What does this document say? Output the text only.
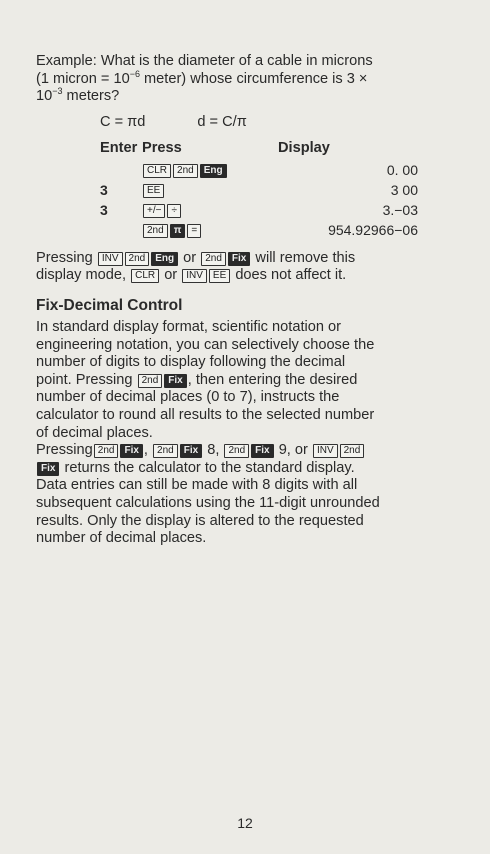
Example: What is the diameter of a cable in microns
(1 micron = $10^{-6}$ meter) whose circumference is 3 ×
$10^{-3}$ meters?

C = πd	d = C/π
Enter	Press	Display
	CLR 2nd Eng	0. 00
3	EE	3 00
3	+/− ÷	3.−03
	2nd π =	954.92966−06

Pressing INV 2nd Eng or 2nd Fix will remove this
display mode, CLR or INV EE does not affect it.

Fix-Decimal Control

In standard display format, scientific notation or
engineering notation, you can selectively choose the
number of digits to display following the decimal
point. Pressing 2nd Fix , then entering the desired
number of decimal places (0 to 7), instructs the
calculator to round all results to the selected number
of decimal places.

Pressing 2nd Fix , 2nd Fix 8, 2nd Fix 9, or INV 2nd
Fix returns the calculator to the standard display.
Data entries can still be made with 8 digits with all
subsequent calculations using the 11-digit unrounded
results. Only the display is altered to the requested
number of decimal places.

12
